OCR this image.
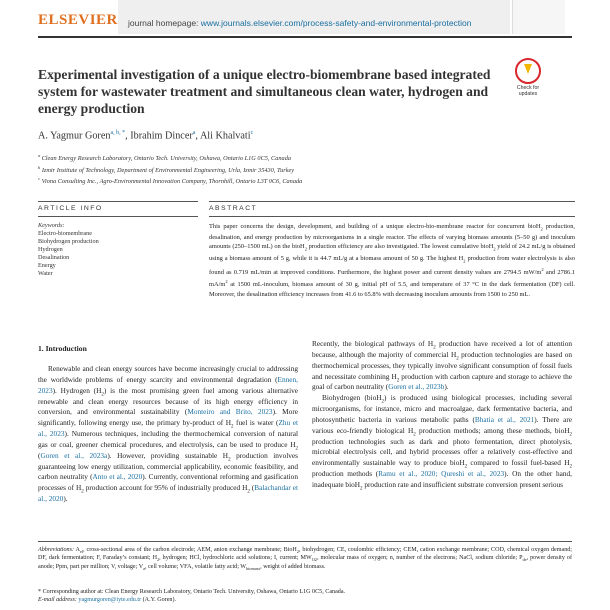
ELSEVIER journal homepage: www.journals.elsevier.com/process-safety-and-environmental-protection
Experimental investigation of a unique electro-biomembrane based integrated system for wastewater treatment and simultaneous clean water, hydrogen and energy production
Check for updates
A. Yagmur Goren$^{a, b, *}$, Ibrahim Dincer$^a$, Ali Khalvati$^c$
$^a$ Clean Energy Research Laboratory, Ontario Tech. University, Oshawa, Ontario L1G 0C5, Canada
$^b$ Izmir Institute of Technology, Department of Environmental Engineering, Urla, Izmir 35430, Turkey
$^c$ Viona Consulting Inc., Agro-Environmental Innovation Company, Thornhill, Ontario L3T 0C6, Canada
ARTICLE INFO	ABSTRACT
Keywords:
Electro-biomembrane
Biohydrogen production
Hydrogen
Desalination
Energy
Water
This paper concerns the design, development, and building of a unique electro-bio-membrane reactor for concurrent bioH$_2$ production, desalination, and energy production by microorganisms in a single reactor. The effects of varying biomass amounts (5–50 g) and inoculum amounts (250–1500 mL) on the bioH$_2$ production efficiency are also investigated. The lowest cumulative bioH$_2$ yield of 24.2 mL/g is obtained using a biomass amount of 5 g, while it is 44.7 mL/g at a biomass amount of 50 g. The highest $H_2$ production from water electrolysis is also found as 0.719 mL/min at improved conditions. Furthermore, the highest power and current density values are 2794.5 $mW/m^2$ and 2786.1 $mA/m^2$ at 1500 mL-inoculum, biomass amount of 30 g, initial pH of 5.5, and temperature of 37 °C in the dark fermentation (DF) cell. Moreover, the desalination efficiency increases from 41.6 to 65.8% with decreasing inoculum amounts from 1500 to 250 mL.
1. Introduction
Renewable and clean energy sources have become increasingly crucial to addressing the worldwide problems of energy scarcity and environmental degradation (Ennen, 2023). Hydrogen $(H_2)$ is the most promising green fuel among various alternative renewable and clean energy resources because of its high energy efficiency in conversion, and environmental sustainability (Monteiro and Brito, 2023). More significantly, following energy use, the primary by-product of $H_2$ fuel is water (Zhu et al., 2023). Numerous techniques, including the thermochemical conversion of natural gas or coal, greener chemical procedures, and electrolysis, can be used to produce $H_2$ (Goren et al., 2023a). However, providing sustainable $H_2$ production involves guaranteeing low energy utilization, commercial applicability, economic feasibility, and carbon neutrality (Anto et al., 2020). Currently, conventional reforming and gasification processes of $H_2$ production account for 95% of industrially produced $H_2$ (Balachandar et al., 2020).
Recently, the biological pathways of $H_2$ production have received a lot of attention because, although the majority of commercial $H_2$ production technologies are based on thermochemical processes, they typically involve significant consumption of fossil fuels and necessitate combining $H_2$ production with carbon capture and storage to achieve the goal of carbon neutrality (Goren et al., 2023b).
Biohydrogen (bioH$_2$) is produced using biological processes, including several microorganisms, for instance, micro and macroalgae, dark fermentative bacteria, and photosynthetic bacteria in various metabolic paths (Bhatia et al., 2021). There are various eco-friendly biological $H_2$ production methods; among these methods, bioH$_2$ production technologies such as dark and photo fermentation, direct photolysis, microbial electrolysis cell, and hybrid processes offer a relatively cost-effective and environmentally sustainable way to produce bioH$_2$ compared to fossil fuel-based $H_2$ production methods (Ramu et al., 2020; Qureshi et al., 2023). On the other hand, inadequate bioH$_2$ production rate and insufficient substrate conversion present serious
Abbreviations: $A_{el}$, cross-sectional area of the carbon electrode; AEM, anion exchange membrane; BioH$_2$, biohydrogen; CE, coulombic efficiency; CEM, cation exchange membrane; COD, chemical oxygen demand; DF, dark fermentation; F, Faraday’s constant; $H_2$, hydrogen; HCl, hydrochloric acid solutions; I, current; $MW_{O2}$, molecular mass of oxygen; n, number of the electrons; NaCl, sodium chloride; $P_{de}$, power density of anode; Ppm, part per million; V, voltage; $V_a$, cell volume; VFA, volatile fatty acid; $W_{biomass}$, weight of added biomass.
* Corresponding author at: Clean Energy Research Laboratory, Ontario Tech. University, Oshawa, Ontario L1G 0C5, Canada.
E-mail address: yagmurgoren@iyte.edu.tr (A.Y. Goren).
